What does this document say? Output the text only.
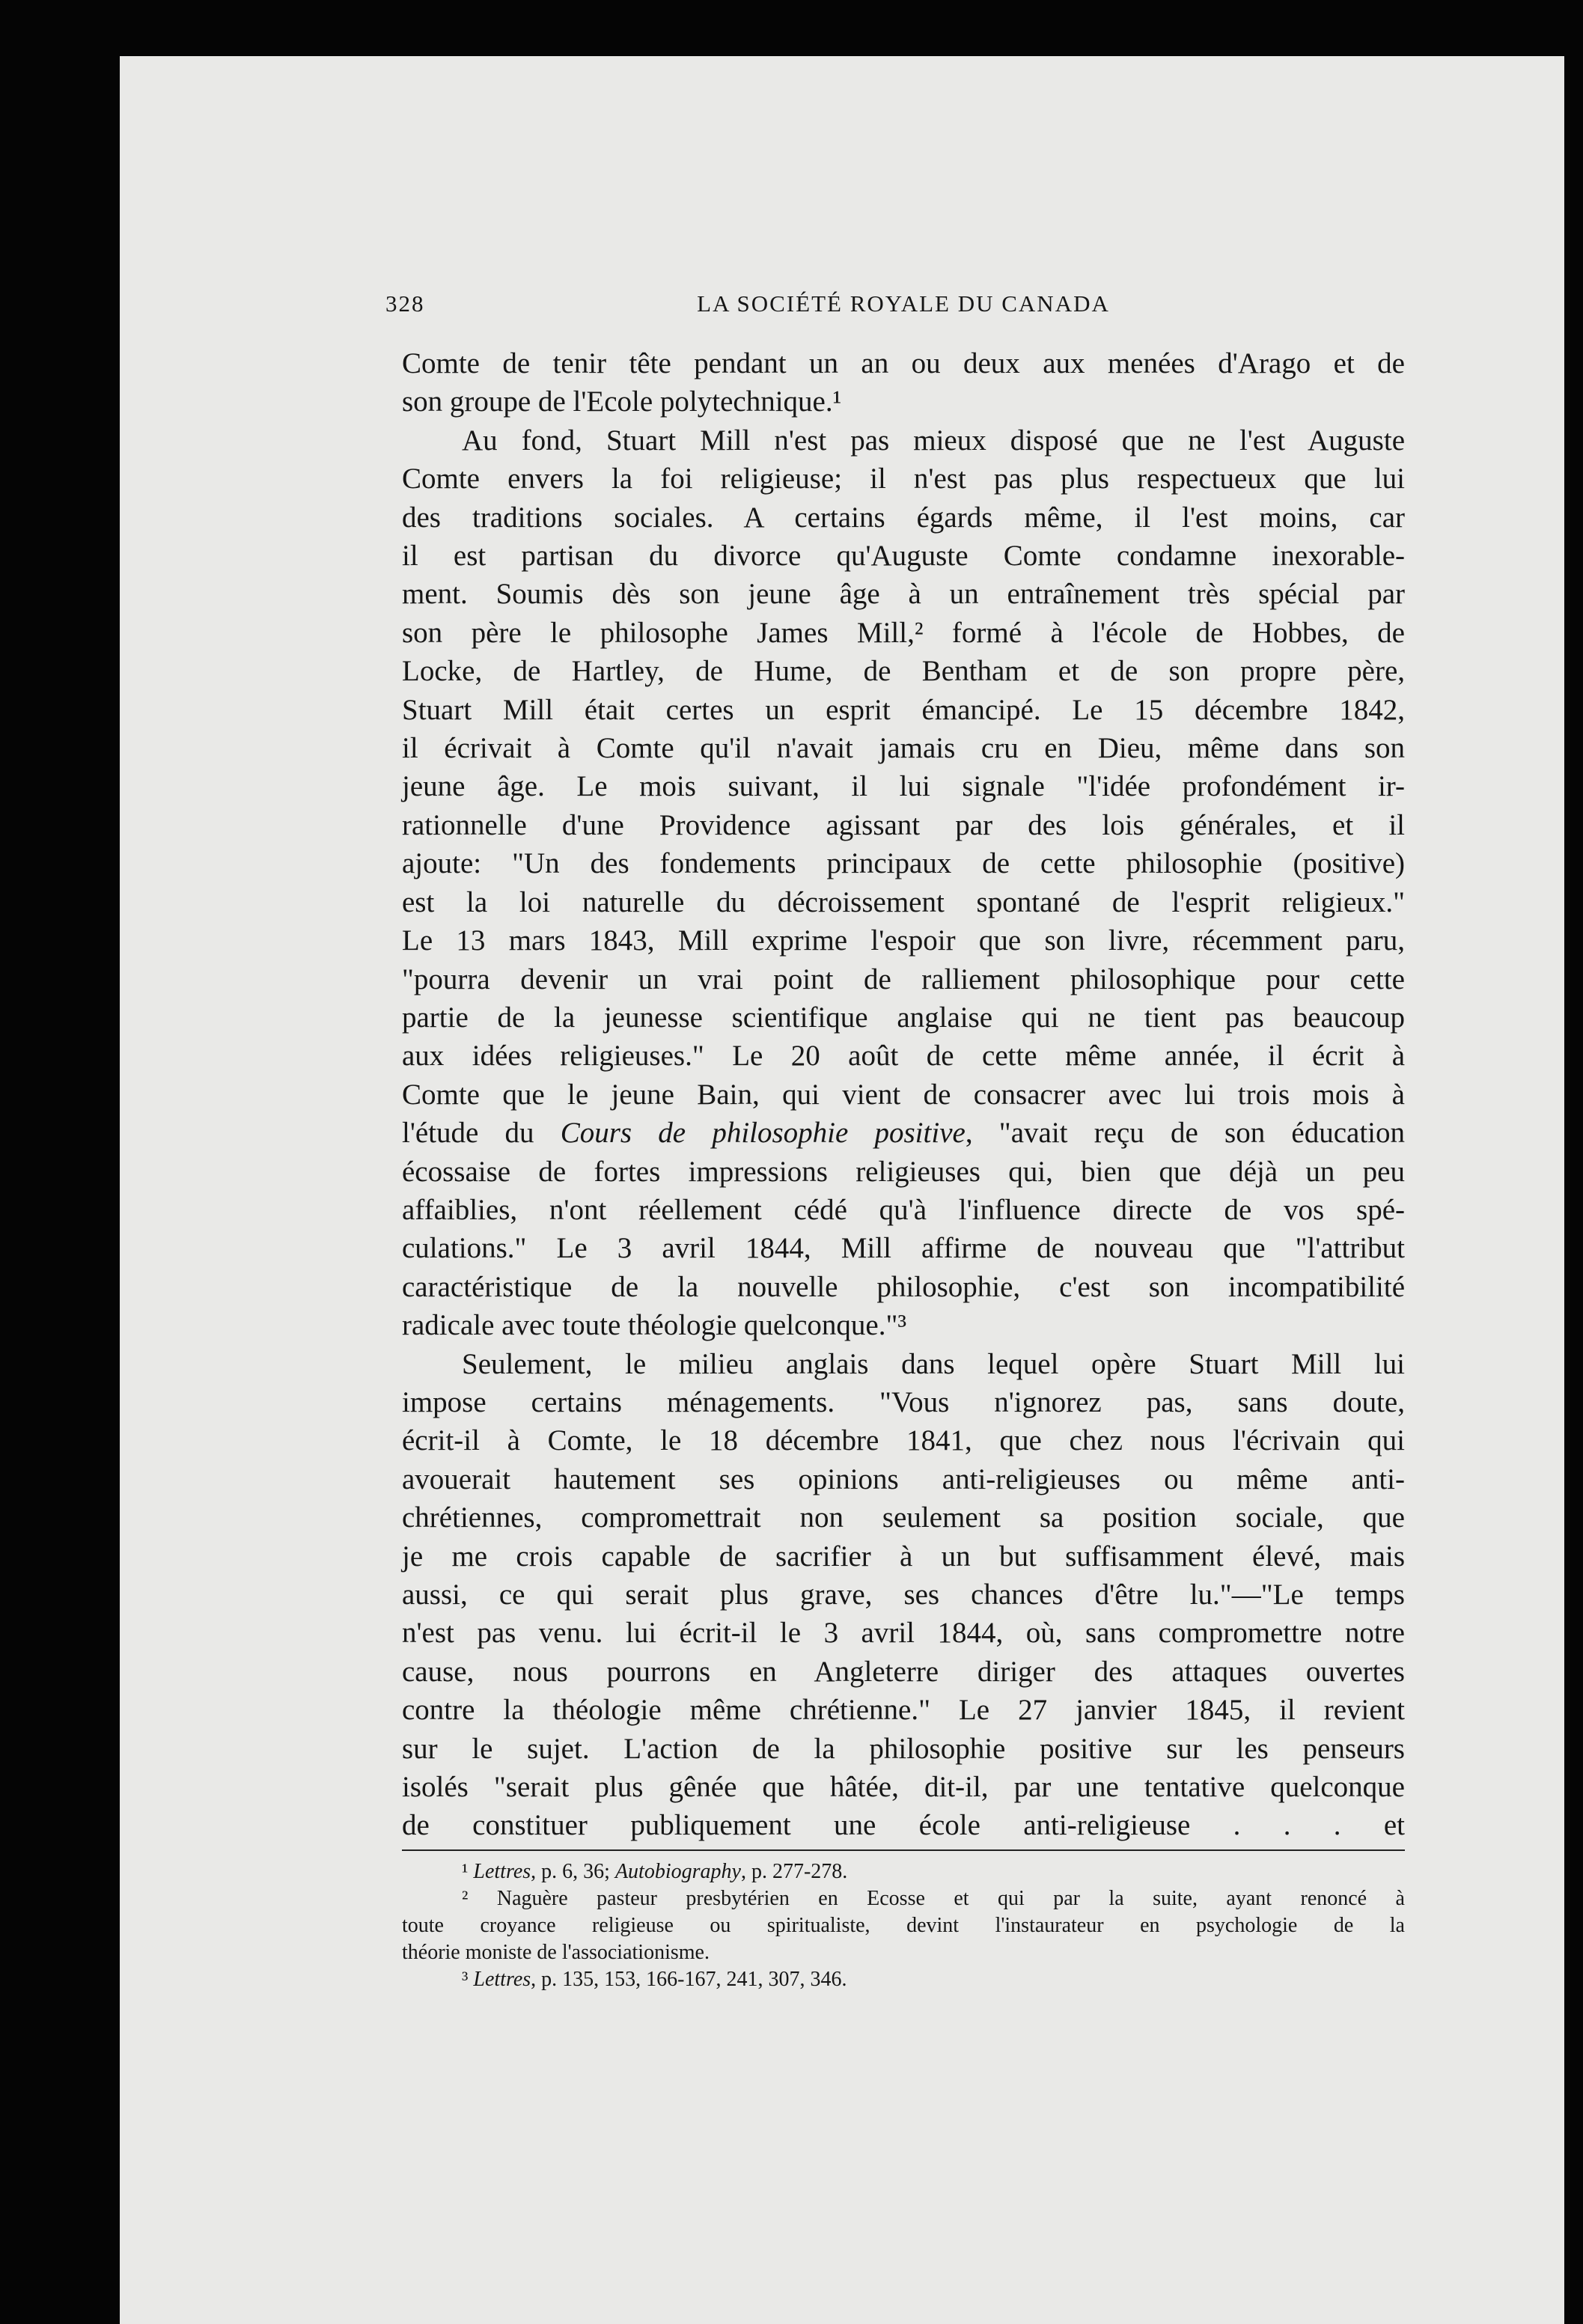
328	LA SOCIÉTÉ ROYALE DU CANADA
Comte de tenir tête pendant un an ou deux aux menées d'Arago et de
son groupe de l'Ecole polytechnique.¹
Au fond, Stuart Mill n'est pas mieux disposé que ne l'est Auguste
Comte envers la foi religieuse; il n'est pas plus respectueux que lui
des traditions sociales. A certains égards même, il l'est moins, car
il est partisan du divorce qu'Auguste Comte condamne inexorable-
ment. Soumis dès son jeune âge à un entraînement très spécial par
son père le philosophe James Mill,² formé à l'école de Hobbes, de
Locke, de Hartley, de Hume, de Bentham et de son propre père,
Stuart Mill était certes un esprit émancipé. Le 15 décembre 1842,
il écrivait à Comte qu'il n'avait jamais cru en Dieu, même dans son
jeune âge. Le mois suivant, il lui signale "l'idée profondément ir-
rationnelle d'une Providence agissant par des lois générales, et il
ajoute: "Un des fondements principaux de cette philosophie (positive)
est la loi naturelle du décroissement spontané de l'esprit religieux."
Le 13 mars 1843, Mill exprime l'espoir que son livre, récemment paru,
"pourra devenir un vrai point de ralliement philosophique pour cette
partie de la jeunesse scientifique anglaise qui ne tient pas beaucoup
aux idées religieuses." Le 20 août de cette même année, il écrit à
Comte que le jeune Bain, qui vient de consacrer avec lui trois mois à
l'étude du Cours de philosophie positive, "avait reçu de son éducation
écossaise de fortes impressions religieuses qui, bien que déjà un peu
affaiblies, n'ont réellement cédé qu'à l'influence directe de vos spé-
culations." Le 3 avril 1844, Mill affirme de nouveau que "l'attribut
caractéristique de la nouvelle philosophie, c'est son incompatibilité
radicale avec toute théologie quelconque."³
Seulement, le milieu anglais dans lequel opère Stuart Mill lui
impose certains ménagements. "Vous n'ignorez pas, sans doute,
écrit-il à Comte, le 18 décembre 1841, que chez nous l'écrivain qui
avouerait hautement ses opinions anti-religieuses ou même anti-
chrétiennes, compromettrait non seulement sa position sociale, que
je me crois capable de sacrifier à un but suffisamment élevé, mais
aussi, ce qui serait plus grave, ses chances d'être lu."—"Le temps
n'est pas venu. lui écrit-il le 3 avril 1844, où, sans compromettre notre
cause, nous pourrons en Angleterre diriger des attaques ouvertes
contre la théologie même chrétienne." Le 27 janvier 1845, il revient
sur le sujet. L'action de la philosophie positive sur les penseurs
isolés "serait plus gênée que hâtée, dit-il, par une tentative quelconque
de constituer publiquement une école anti-religieuse . . . et
¹ Lettres, p. 6, 36; Autobiography, p. 277-278.
² Naguère pasteur presbytérien en Ecosse et qui par la suite, ayant renoncé à
toute croyance religieuse ou spiritualiste, devint l'instaurateur en psychologie de la
théorie moniste de l'associationisme.
³ Lettres, p. 135, 153, 166-167, 241, 307, 346.
